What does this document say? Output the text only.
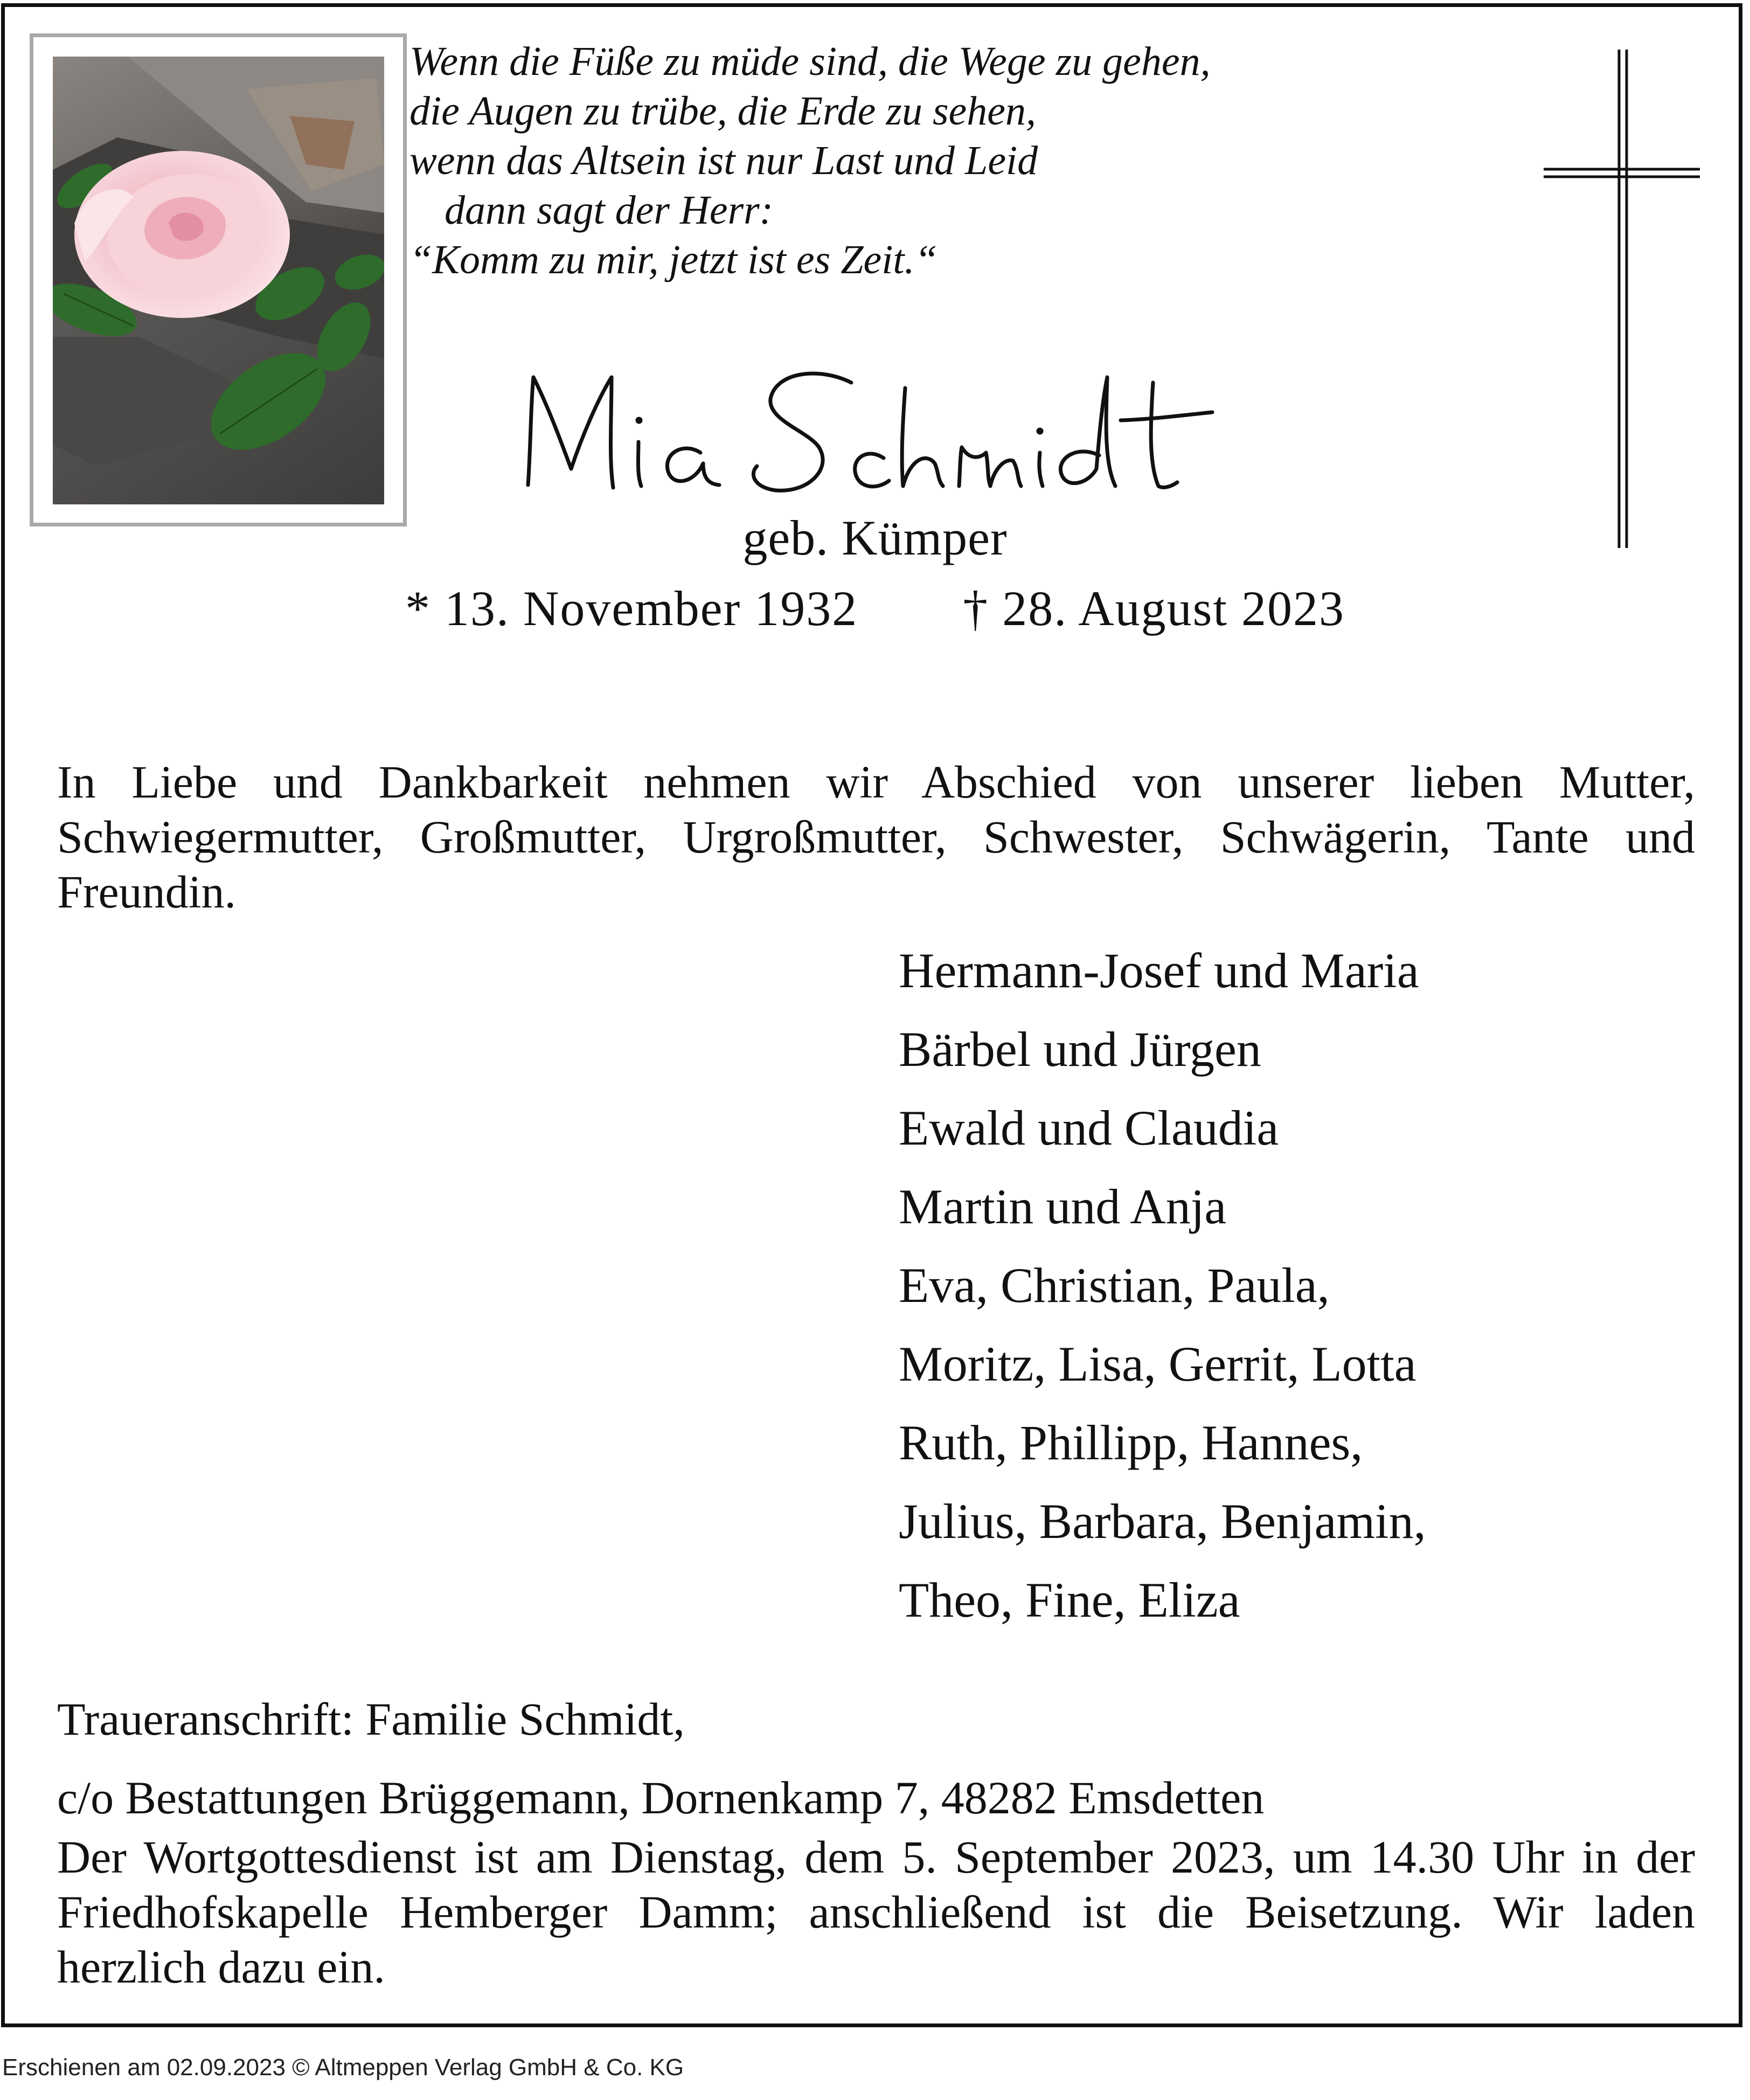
Wenn die Füße zu müde sind, die Wege zu gehen,
die Augen zu trübe, die Erde zu sehen,
wenn das Altsein ist nur Last und Leid
dann sagt der Herr:
“Komm zu mir, jetzt ist es Zeit.“
geb. Kümper
* 13. November 1932 † 28. August 2023
In Liebe und Dankbarkeit nehmen wir Abschied von unserer lieben Mutter, Schwiegermutter, Großmutter, Urgroßmutter, Schwester, Schwägerin, Tante und Freundin.
Hermann-Josef und Maria
Bärbel und Jürgen
Ewald und Claudia
Martin und Anja
Eva, Christian, Paula,
Moritz, Lisa, Gerrit, Lotta
Ruth, Phillipp, Hannes,
Julius, Barbara, Benjamin,
Theo, Fine, Eliza
Traueranschrift: Familie Schmidt,
c/o Bestattungen Brüggemann, Dornenkamp 7, 48282 Emsdetten
Der Wortgottesdienst ist am Dienstag, dem 5. September 2023, um 14.30 Uhr in der Friedhofskapelle Hemberger Damm; anschließend ist die Beisetzung. Wir laden herzlich dazu ein.
Erschienen am 02.09.2023 © Altmeppen Verlag GmbH & Co. KG
